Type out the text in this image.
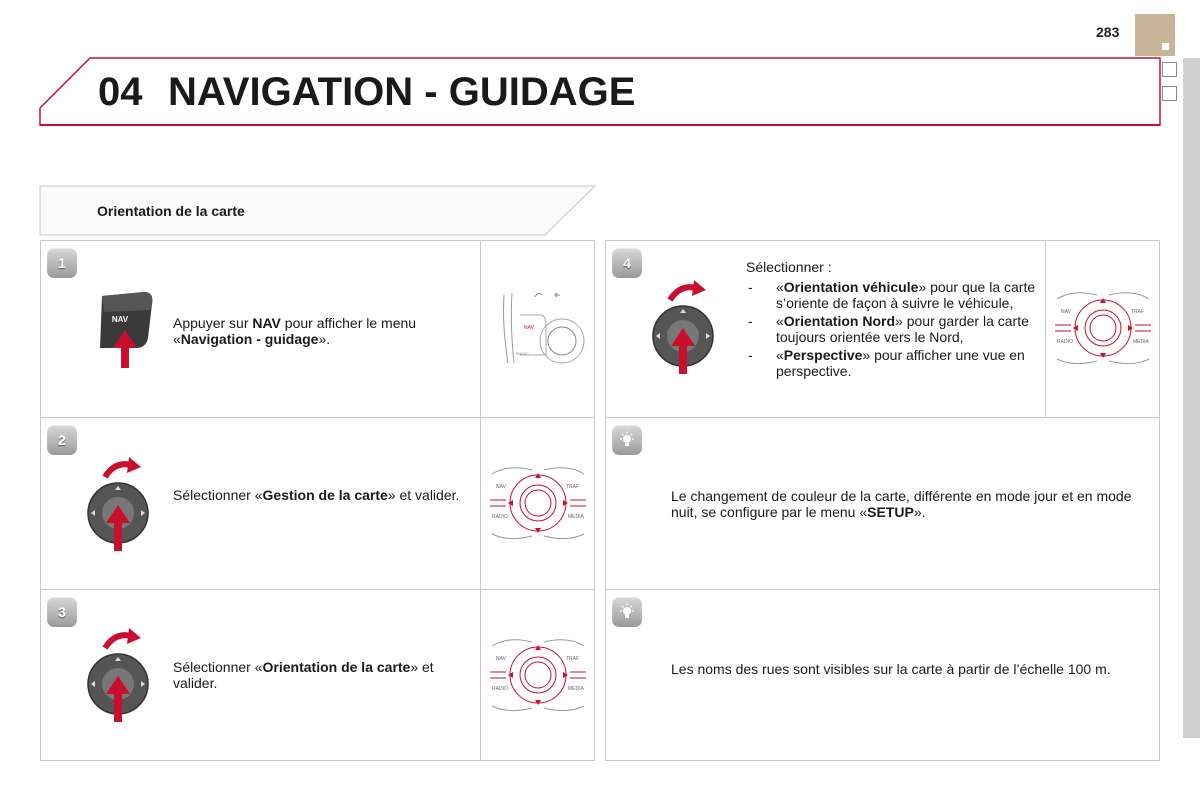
283
04 NAVIGATION - GUIDAGE
Orientation de la carte
1
NAV	Appuyer sur NAV pour afficher le menu «Navigation - guidage».
NAV
RADIO
2
Sélectionner «Gestion de la carte» et valider.	NAV	TRAF
RADIO	MEDIA
3
Sélectionner «Orientation de la carte» et valider.
NAV	TRAF
RADIO	MEDIA
4	Sélectionner :
- «Orientation véhicule» pour que la carte s’oriente de façon à suivre le véhicule,
- «Orientation Nord» pour garder la carte toujours orientée vers le Nord,
- «Perspective» pour afficher une vue en perspective.
NAV	TRAF
RADIO	MEDIA
Le changement de couleur de la carte, différente en mode jour et en mode nuit, se configure par le menu «SETUP».
Les noms des rues sont visibles sur la carte à partir de l’échelle 100 m.
